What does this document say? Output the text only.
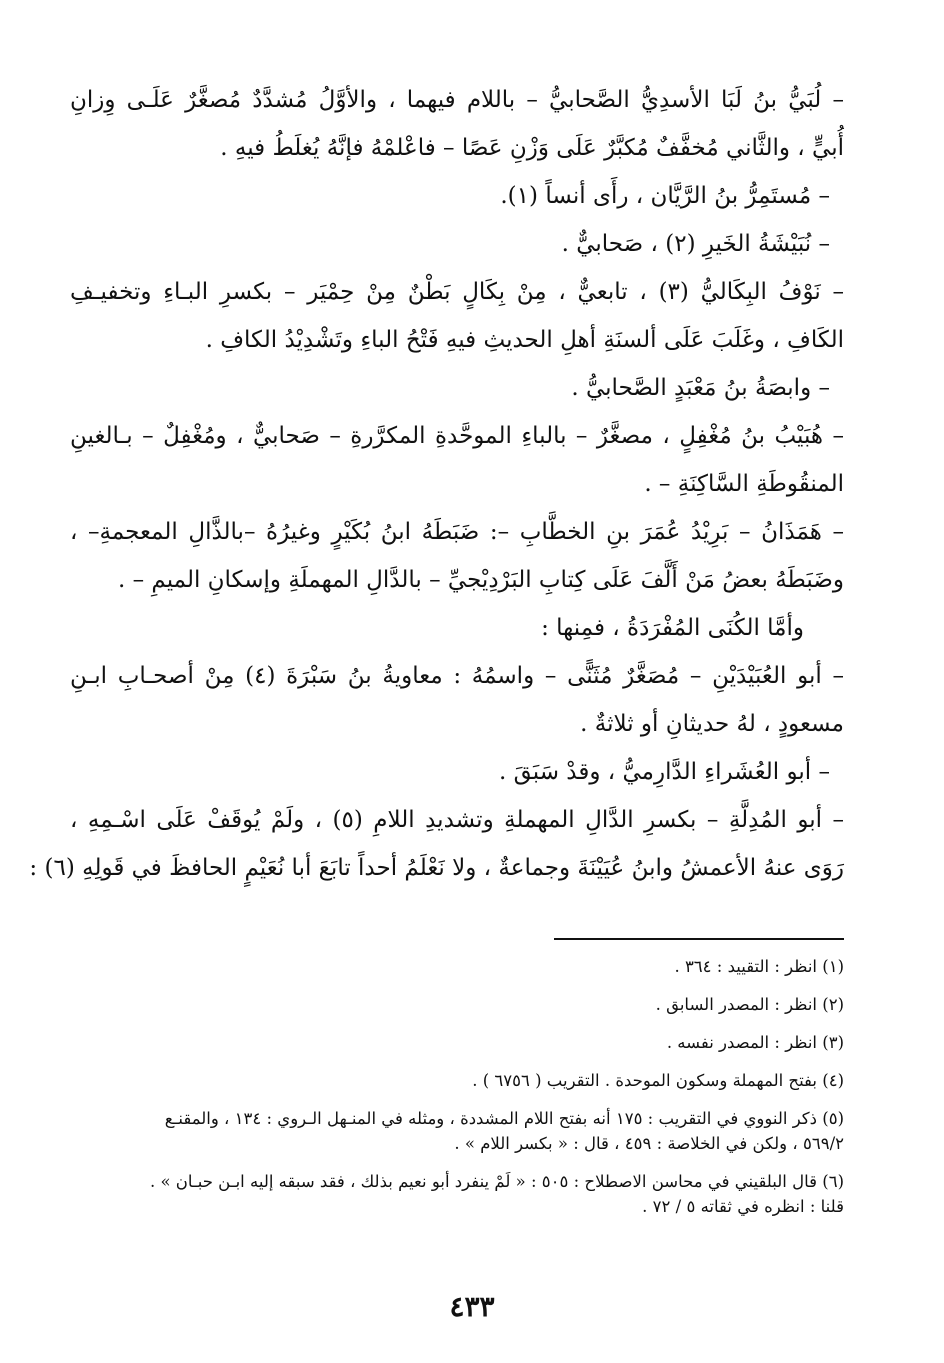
– لُبَيُّ بنُ لَبَا الأسدِيُّ الصَّحابيُّ – باللام فيهما ، والأوَّلُ مُشدَّدٌ مُصغَّرٌ عَلَـى وِزانِ
أُبيٍّ ، والثَّاني مُخفَّفٌ مُكبَّرٌ عَلَى وَزْنِ عَصًا – فاعْلمْهُ فإنَّهُ يُغلَطُ فيهِ .
– مُستَمِرُّ بنُ الرَّيَّان ، رأَى أنساً (١).
– نُبَيْشَةُ الخَيرِ (٢) ، صَحابيٌّ .
– نَوْفُ البِكَاليُّ (٣) ، تابعيٌّ ، مِنْ بِكَالٍ بَطْنٌ مِنْ حِمْيَر – بكسرِ البـاءِ وتخفيـفِ
الكَافِ ، وغَلَبَ عَلَى ألسنَةِ أهلِ الحديثِ فيهِ فَتْحُ الباءِ وتَشْدِيْدُ الكافِ .
– وابصَةُ بنُ مَعْبَدٍ الصَّحابيُّ .
– هُبَيْبُ بنُ مُغْفِلٍ ، مصغَّرٌ – بالباءِ الموحَّدةِ المكرَّرةِ – صَحابيٌّ ، ومُغْفِلٌ – بـالغينِ
المنقُوطَةِ السَّاكِنَةِ – .
– هَمَذَانُ – بَرِيْدُ عُمَرَ بنِ الخطَّابِ –: ضَبَطَهُ ابنُ بُكَيْرٍ وغيرُهُ –بالذَّالِ المعجمةِ– ،
وضَبَطَهُ بعضُ مَنْ أَلَّفَ عَلَى كِتابِ البَرْدِيْجيِّ – بالدَّالِ المهملَةِ وإسكانِ الميمِ – .
وأمَّا الكُنَى المُفْرَدَةُ ، فمِنها :
– أبو العُبَيْدَيْنِ – مُصَغَّرٌ مُثَنًّى – واسمُهُ : معاويةُ بنُ سَبْرَةَ (٤) مِنْ أصحـابِ ابـنِ
مسعودٍ ، لهُ حديثانِ أو ثلاثةٌ .
– أبو العُشَراءِ الدَّارِميُّ ، وقدْ سَبَقَ .
– أبو المُدِلَّةِ – بكسرِ الدَّالِ المهملةِ وتشديدِ اللامِ (٥) ، ولَمْ يُوقَفْ عَلَى اسْـمِهِ ،
رَوَى عنهُ الأعمشُ وابنُ عُيَيْنَةَ وجماعةٌ ، ولا نَعْلَمُ أحداً تابَعَ أبا نُعَيْمٍ الحافظَ في قَولِهِ (٦) :
(١) انظر : التقييد : ٣٦٤ .
(٢) انظر : المصدر السابق .
(٣) انظر : المصدر نفسه .
(٤) بفتح المهملة وسكون الموحدة . التقريب ( ٦٧٥٦ ) .
(٥) ذكر النووي في التقريب : ١٧٥ أنه بفتح اللام المشددة ، ومثله في المنـهل الـروي : ١٣٤ ، والمقنـع
٥٦٩/٢ ، ولكن في الخلاصة : ٤٥٩ ، قال : « بكسر اللام » .
(٦) قال البلقيني في محاسن الاصطلاح : ٥٠٥ : « لَمْ ينفرد أبو نعيم بذلك ، فقد سبقه إليه ابـن حبـان » .
قلنا : انظره في ثقاته ٥ / ٧٢ .
٤٣٣
